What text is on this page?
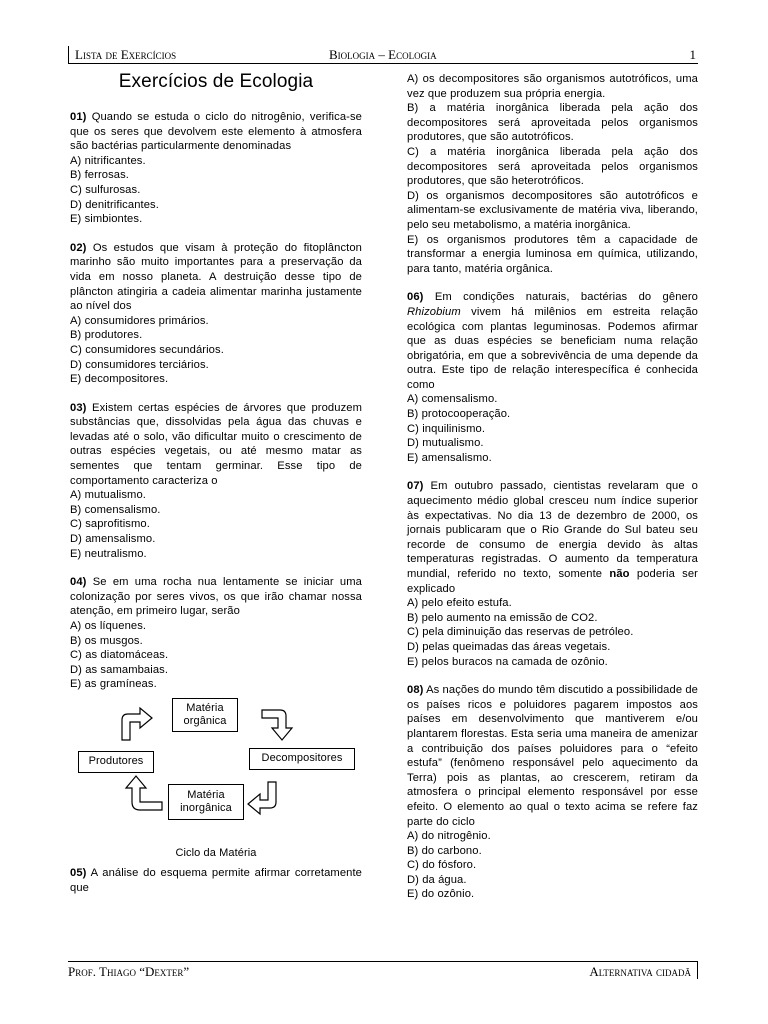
Lista de Exercícios	Biologia – Ecologia	1
Exercícios de Ecologia
01) Quando se estuda o ciclo do nitrogênio, verifica-se que os seres que devolvem este elemento à atmosfera são bactérias particularmente denominadas
A) nitrificantes.
B) ferrosas.
C) sulfurosas.
D) denitrificantes.
E) simbiontes.
02) Os estudos que visam à proteção do fitoplâncton marinho são muito importantes para a preservação da vida em nosso planeta. A destruição desse tipo de plâncton atingiria a cadeia alimentar marinha justamente ao nível dos
A) consumidores primários.
B) produtores.
C) consumidores secundários.
D) consumidores terciários.
E) decompositores.
03) Existem certas espécies de árvores que produzem substâncias que, dissolvidas pela água das chuvas e levadas até o solo, vão dificultar muito o crescimento de outras espécies vegetais, ou até mesmo matar as sementes que tentam germinar. Esse tipo de comportamento caracteriza o
A) mutualismo.
B) comensalismo.
C) saprofitismo.
D) amensalismo.
E) neutralismo.
04) Se em uma rocha nua lentamente se iniciar uma colonização por seres vivos, os que irão chamar nossa atenção, em primeiro lugar, serão
A) os líquenes.
B) os musgos.
C) as diatomáceas.
D) as samambaias.
E) as gramíneas.
Matéria
orgânica
Decompositores
Matéria
inorgânica
Produtores
Ciclo da Matéria
05) A análise do esquema permite afirmar corretamente que
A) os decompositores são organismos autotróficos, uma vez que produzem sua própria energia.
B) a matéria inorgânica liberada pela ação dos decompositores será aproveitada pelos organismos produtores, que são autotróficos.
C) a matéria inorgânica liberada pela ação dos decompositores será aproveitada pelos organismos produtores, que são heterotróficos.
D) os organismos decompositores são autotróficos e alimentam-se exclusivamente de matéria viva, liberando, pelo seu metabolismo, a matéria inorgânica.
E) os organismos produtores têm a capacidade de transformar a energia luminosa em química, utilizando, para tanto, matéria orgânica.
06) Em condições naturais, bactérias do gênero Rhizobium vivem há milênios em estreita relação ecológica com plantas leguminosas. Podemos afirmar que as duas espécies se beneficiam numa relação obrigatória, em que a sobrevivência de uma depende da outra. Este tipo de relação interespecífica é conhecida como
A) comensalismo.
B) protocooperação.
C) inquilinismo.
D) mutualismo.
E) amensalismo.
07) Em outubro passado, cientistas revelaram que o aquecimento médio global cresceu num índice superior às expectativas. No dia 13 de dezembro de 2000, os jornais publicaram que o Rio Grande do Sul bateu seu recorde de consumo de energia devido às altas temperaturas registradas. O aumento da temperatura mundial, referido no texto, somente não poderia ser explicado
A) pelo efeito estufa.
B) pelo aumento na emissão de CO2.
C) pela diminuição das reservas de petróleo.
D) pelas queimadas das áreas vegetais.
E) pelos buracos na camada de ozônio.
08) As nações do mundo têm discutido a possibilidade de os países ricos e poluidores pagarem impostos aos países em desenvolvimento que mantiverem e/ou plantarem florestas. Esta seria uma maneira de amenizar a contribuição dos países poluidores para o “efeito estufa” (fenômeno responsável pelo aquecimento da Terra) pois as plantas, ao crescerem, retiram da atmosfera o principal elemento responsável por esse efeito. O elemento ao qual o texto acima se refere faz parte do ciclo
A) do nitrogênio.
B) do carbono.
C) do fósforo.
D) da água.
E) do ozônio.
Prof. Thiago “Dexter”	Alternativa cidadã
